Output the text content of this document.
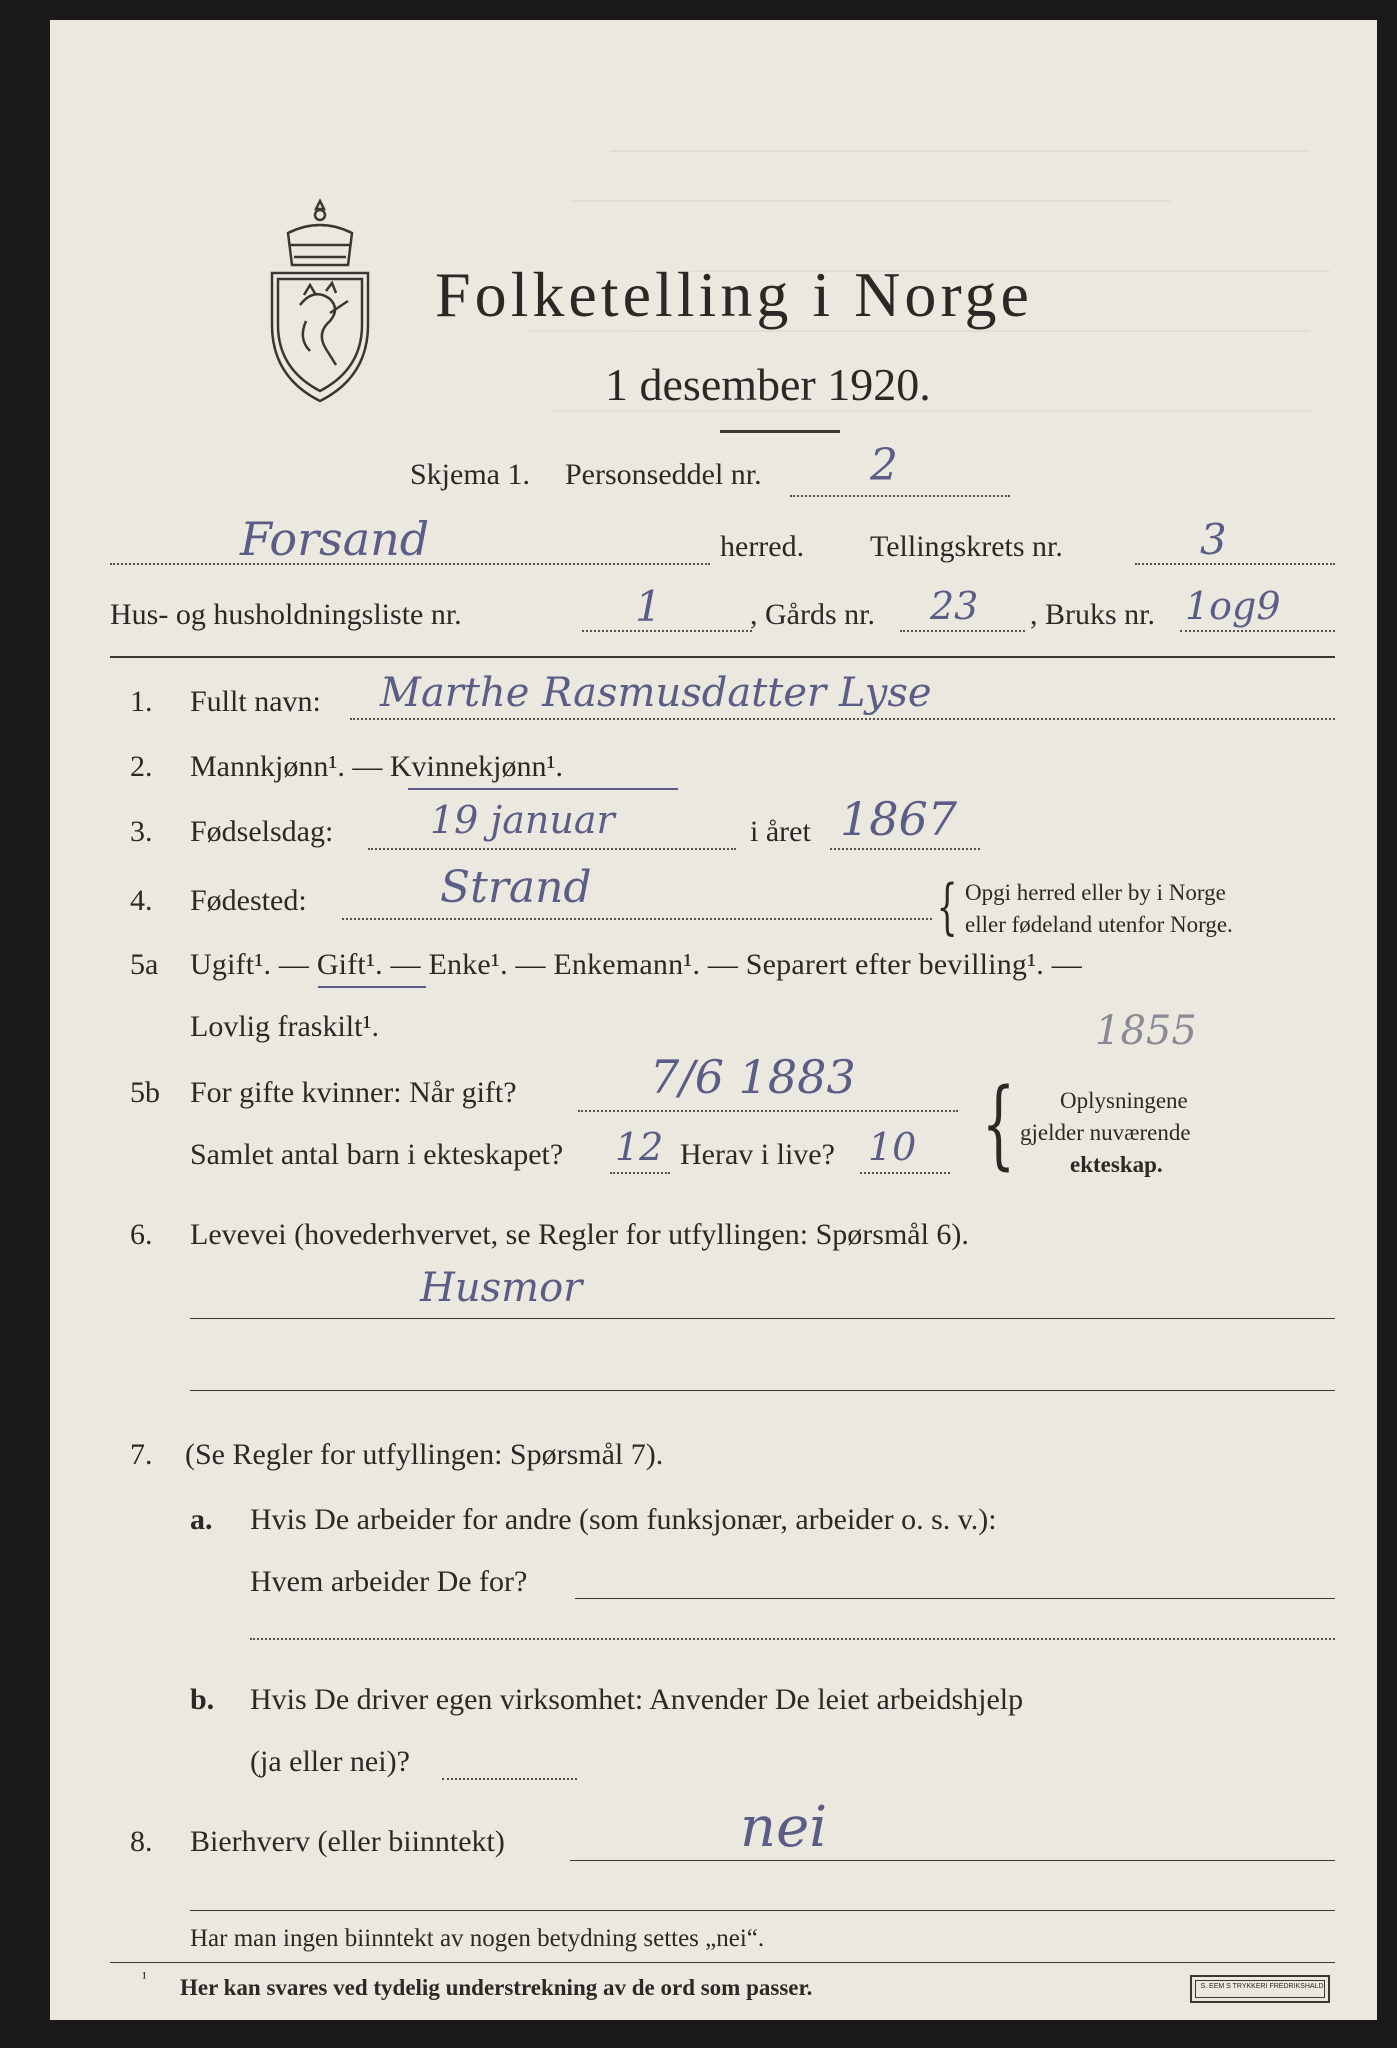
Folketelling i Norge
1 desember 1920.
Skjema 1. Personseddel nr. 2
Forsand	herred. Tellingskrets nr.	3
Hus- og husholdningsliste nr.	1	, Gårds nr. 23 , Bruks nr. 1og9
1. Fullt navn: Marthe Rasmusdatter Lyse
2. Mannkjønn¹. — Kvinnekjønn¹.
3. Fødselsdag:	19 januar	i året 1867
4. Fødested:	Strand	{ Opgi herred eller by i Norge
eller fødeland utenfor Norge.
5a Ugift¹. — Gift¹. — Enke¹. — Enkemann¹. — Separert efter bevilling¹. —
Lovlig fraskilt¹.	1855
5b For gifte kvinner: Når gift?	7/6 1883
Samlet antal barn i ekteskapet? 12 Herav i live? 10 { Oplysningene
gjelder nuværende
ekteskap.
6. Levevei (hovederhvervet, se Regler for utfyllingen: Spørsmål 6).
Husmor
7. (Se Regler for utfyllingen: Spørsmål 7).
a. Hvis De arbeider for andre (som funksjonær, arbeider o. s. v.):
Hvem arbeider De for?
b. Hvis De driver egen virksomhet: Anvender De leiet arbeidshjelp
(ja eller nei)?
8. Bierhverv (eller biinntekt)	nei
Har man ingen biinntekt av nogen betydning settes „nei“.
¹ Her kan svares ved tydelig understrekning av de ord som passer.	S. EEM S TRYKKERI FREDRIKSHALD
